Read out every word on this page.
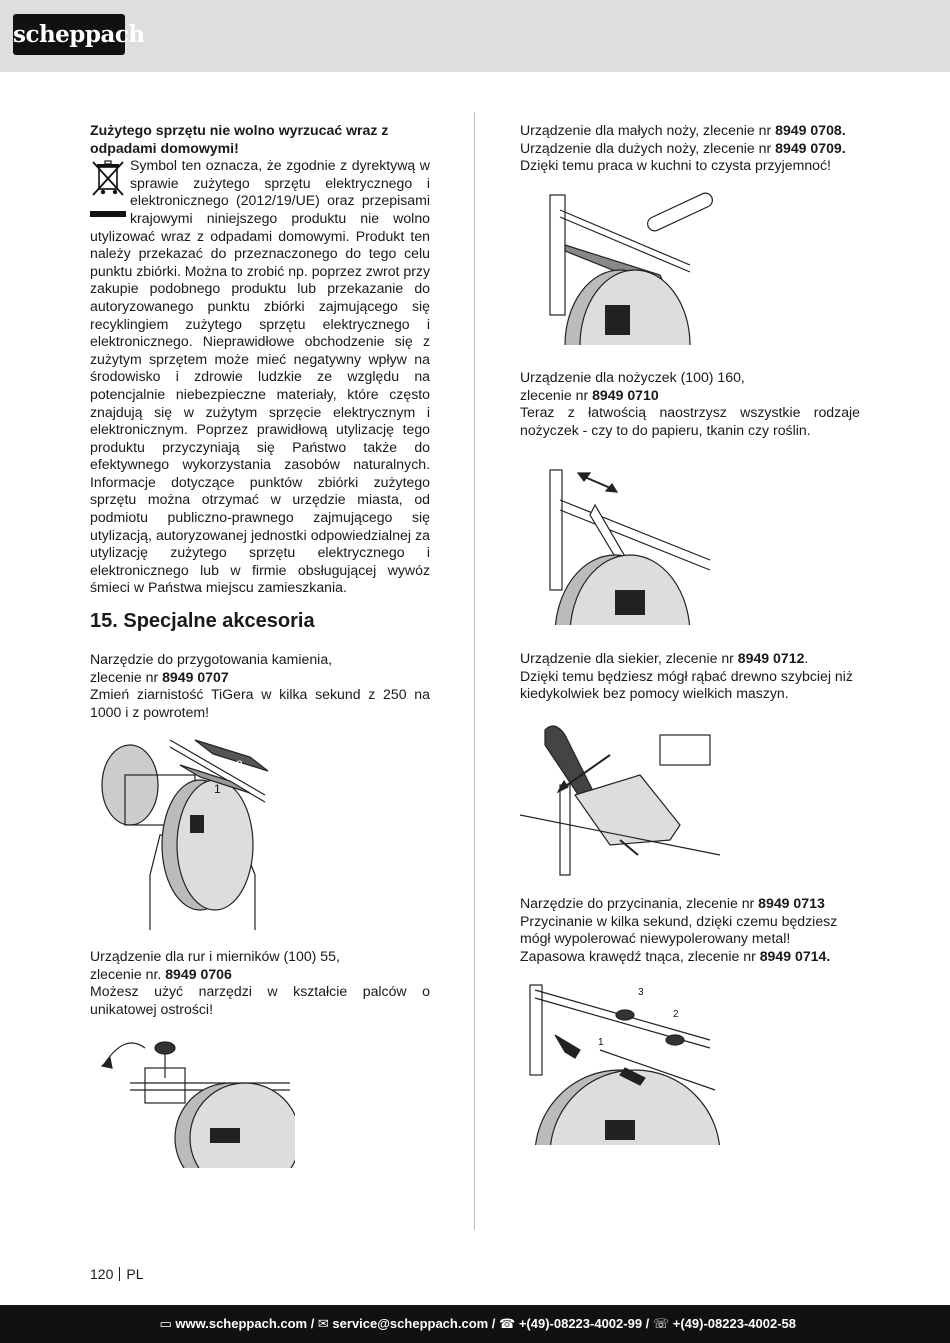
scheppach

Zużytego sprzętu nie wolno wyrzucać wraz z odpadami domowymi!

Symbol ten oznacza, że zgodnie z dyrektywą w sprawie zużytego sprzętu elektrycznego i elektronicznego (2012/19/UE) oraz przepisami krajowymi niniejszego produktu nie wolno utylizować wraz z odpadami domowymi. Produkt ten należy przekazać do przeznaczonego do tego celu punktu zbiórki. Można to zrobić np. poprzez zwrot przy zakupie podobnego produktu lub przekazanie do autoryzowanego punktu zbiórki zajmującego się recyklingiem zużytego sprzętu elektrycznego i elektronicznego. Nieprawidłowe obchodzenie się z zużytym sprzętem może mieć negatywny wpływ na środowisko i zdrowie ludzkie ze względu na potencjalnie niebezpieczne materiały, które często znajdują się w zużytym sprzęcie elektrycznym i elektronicznym. Poprzez prawidłową utylizację tego produktu przyczyniają się Państwo także do efektywnego wykorzystania zasobów naturalnych. Informacje dotyczące punktów zbiórki zużytego sprzętu można otrzymać w urzędzie miasta, od podmiotu publiczno-prawnego zajmującego się utylizacją, autoryzowanej jednostki odpowiedzialnej za utylizację zużytego sprzętu elektrycznego i elektronicznego lub w firmie obsługującej wywóz śmieci w Państwa miejscu zamieszkania.

15. Specjalne akcesoria

Narzędzie do przygotowania kamienia,

zlecenie nr 8949 0707

Zmień ziarnistość TiGera w kilka sekund z 250 na 1000 i z powrotem!

Urządzenie dla rur i mierników (100) 55,

zlecenie nr. 8949 0706

Możesz użyć narzędzi w kształcie palców o unikatowej ostrości!

2
1

Urządzenie dla małych noży, zlecenie nr 8949 0708.

Urządzenie dla dużych noży, zlecenie nr 8949 0709.

Dzięki temu praca w kuchni to czysta przyjemnoć!

Urządzenie dla nożyczek (100) 160,

zlecenie nr 8949 0710

Teraz z łatwością naostrzysz wszystkie rodzaje nożyczek - czy to do papieru, tkanin czy roślin.

Urządzenie dla siekier, zlecenie nr 8949 0712.

Dzięki temu będziesz mógł rąbać drewno szybciej niż kiedykolwiek bez pomocy wielkich maszyn.

Narzędzie do przycinania, zlecenie nr 8949 0713

Przycinanie w kilka sekund, dzięki czemu będziesz mógł wypolerować niewypolerowany metal!

Zapasowa krawędź tnąca, zlecenie nr 8949 0714.

1
2
3
120 PL
▭ www.scheppach.com / ✉ service@scheppach.com / ☎ +(49)-08223-4002-99 / ☏ +(49)-08223-4002-58
